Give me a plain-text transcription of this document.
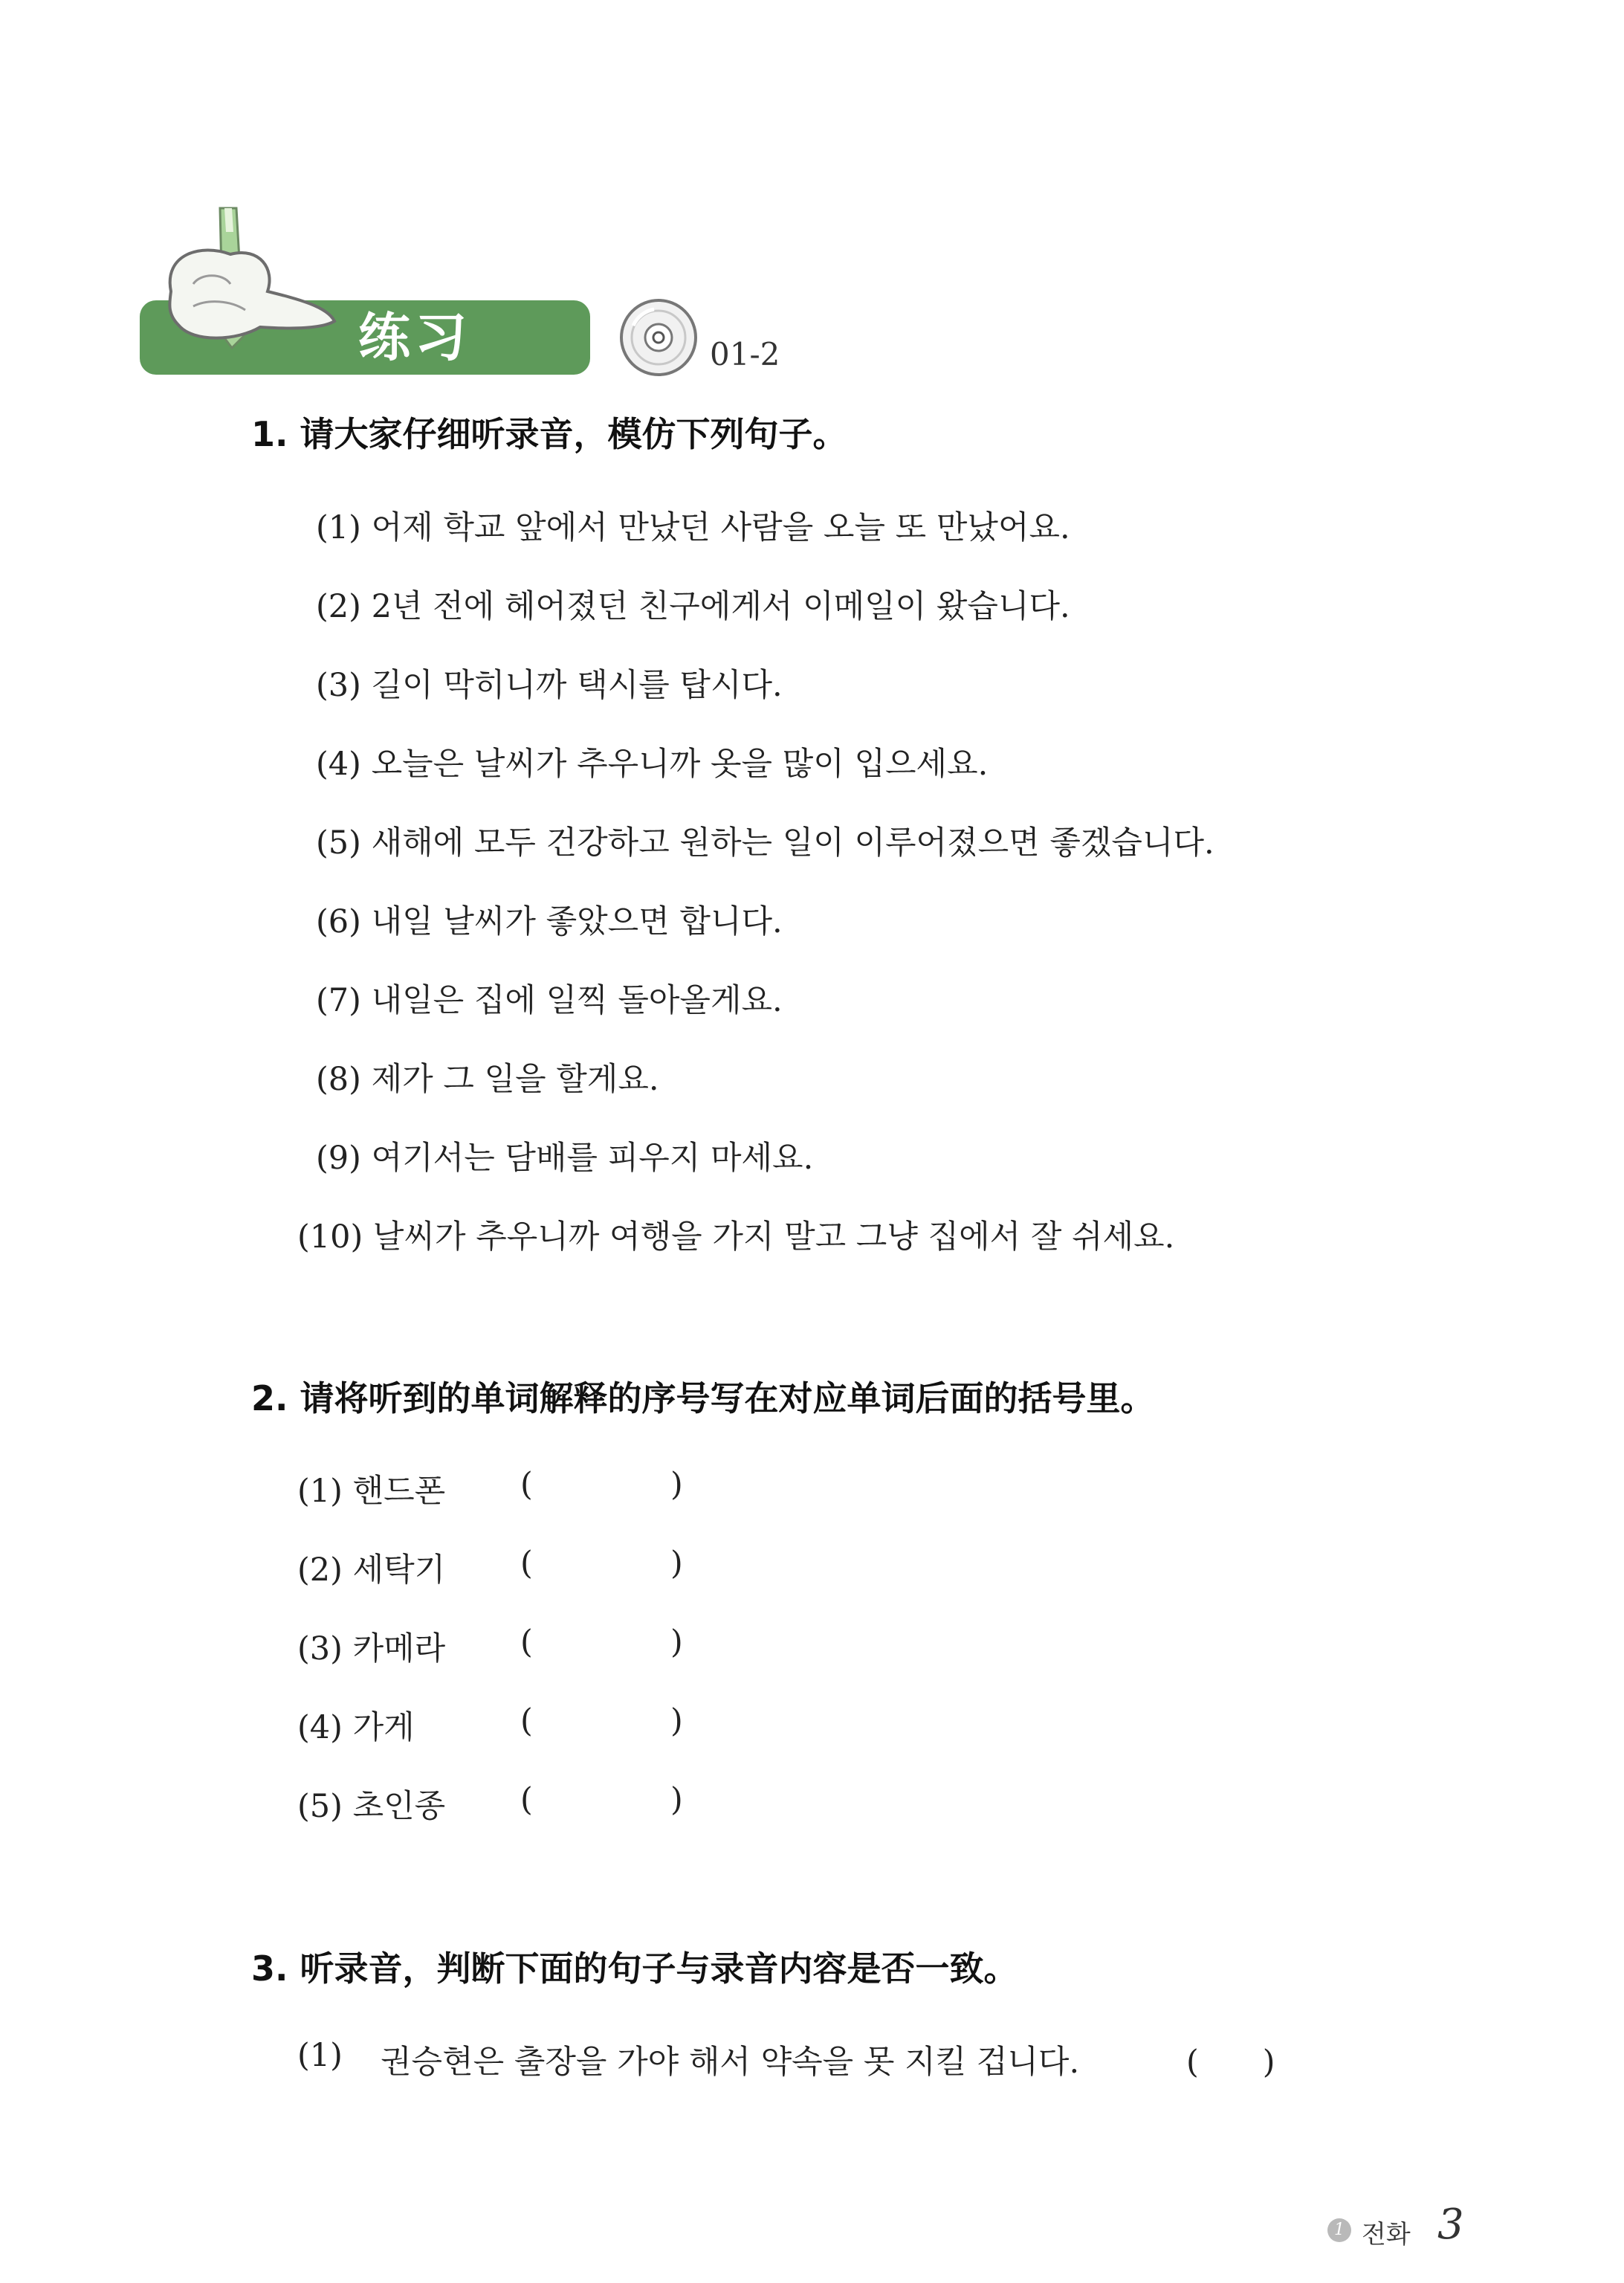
练习	01-2
1. 请大家仔细听录音，模仿下列句子。
(1) 어제 학교 앞에서 만났던 사람을 오늘 또 만났어요.
(2) 2년 전에 헤어졌던 친구에게서 이메일이 왔습니다.
(3) 길이 막히니까 택시를 탑시다.
(4) 오늘은 날씨가 추우니까 옷을 많이 입으세요.
(5) 새해에 모두 건강하고 원하는 일이 이루어졌으면 좋겠습니다.
(6) 내일 날씨가 좋았으면 합니다.
(7) 내일은 집에 일찍 돌아올게요.
(8) 제가 그 일을 할게요.
(9) 여기서는 담배를 피우지 마세요.
(10) 날씨가 추우니까 여행을 가지 말고 그냥 집에서 잘 쉬세요.
2. 请将听到的单词解释的序号写在对应单词后面的括号里。
(1) 핸드폰 (	)
(2) 세탁기 (	)
(3) 카메라 (	)
(4) 가게	(	)
(5) 초인종 (	)
3. 听录音，判断下面的句子与录音内容是否一致。
(1) 권승현은 출장을 가야 해서 약속을 못 지킬 겁니다.	(　　)
1 전화 3
